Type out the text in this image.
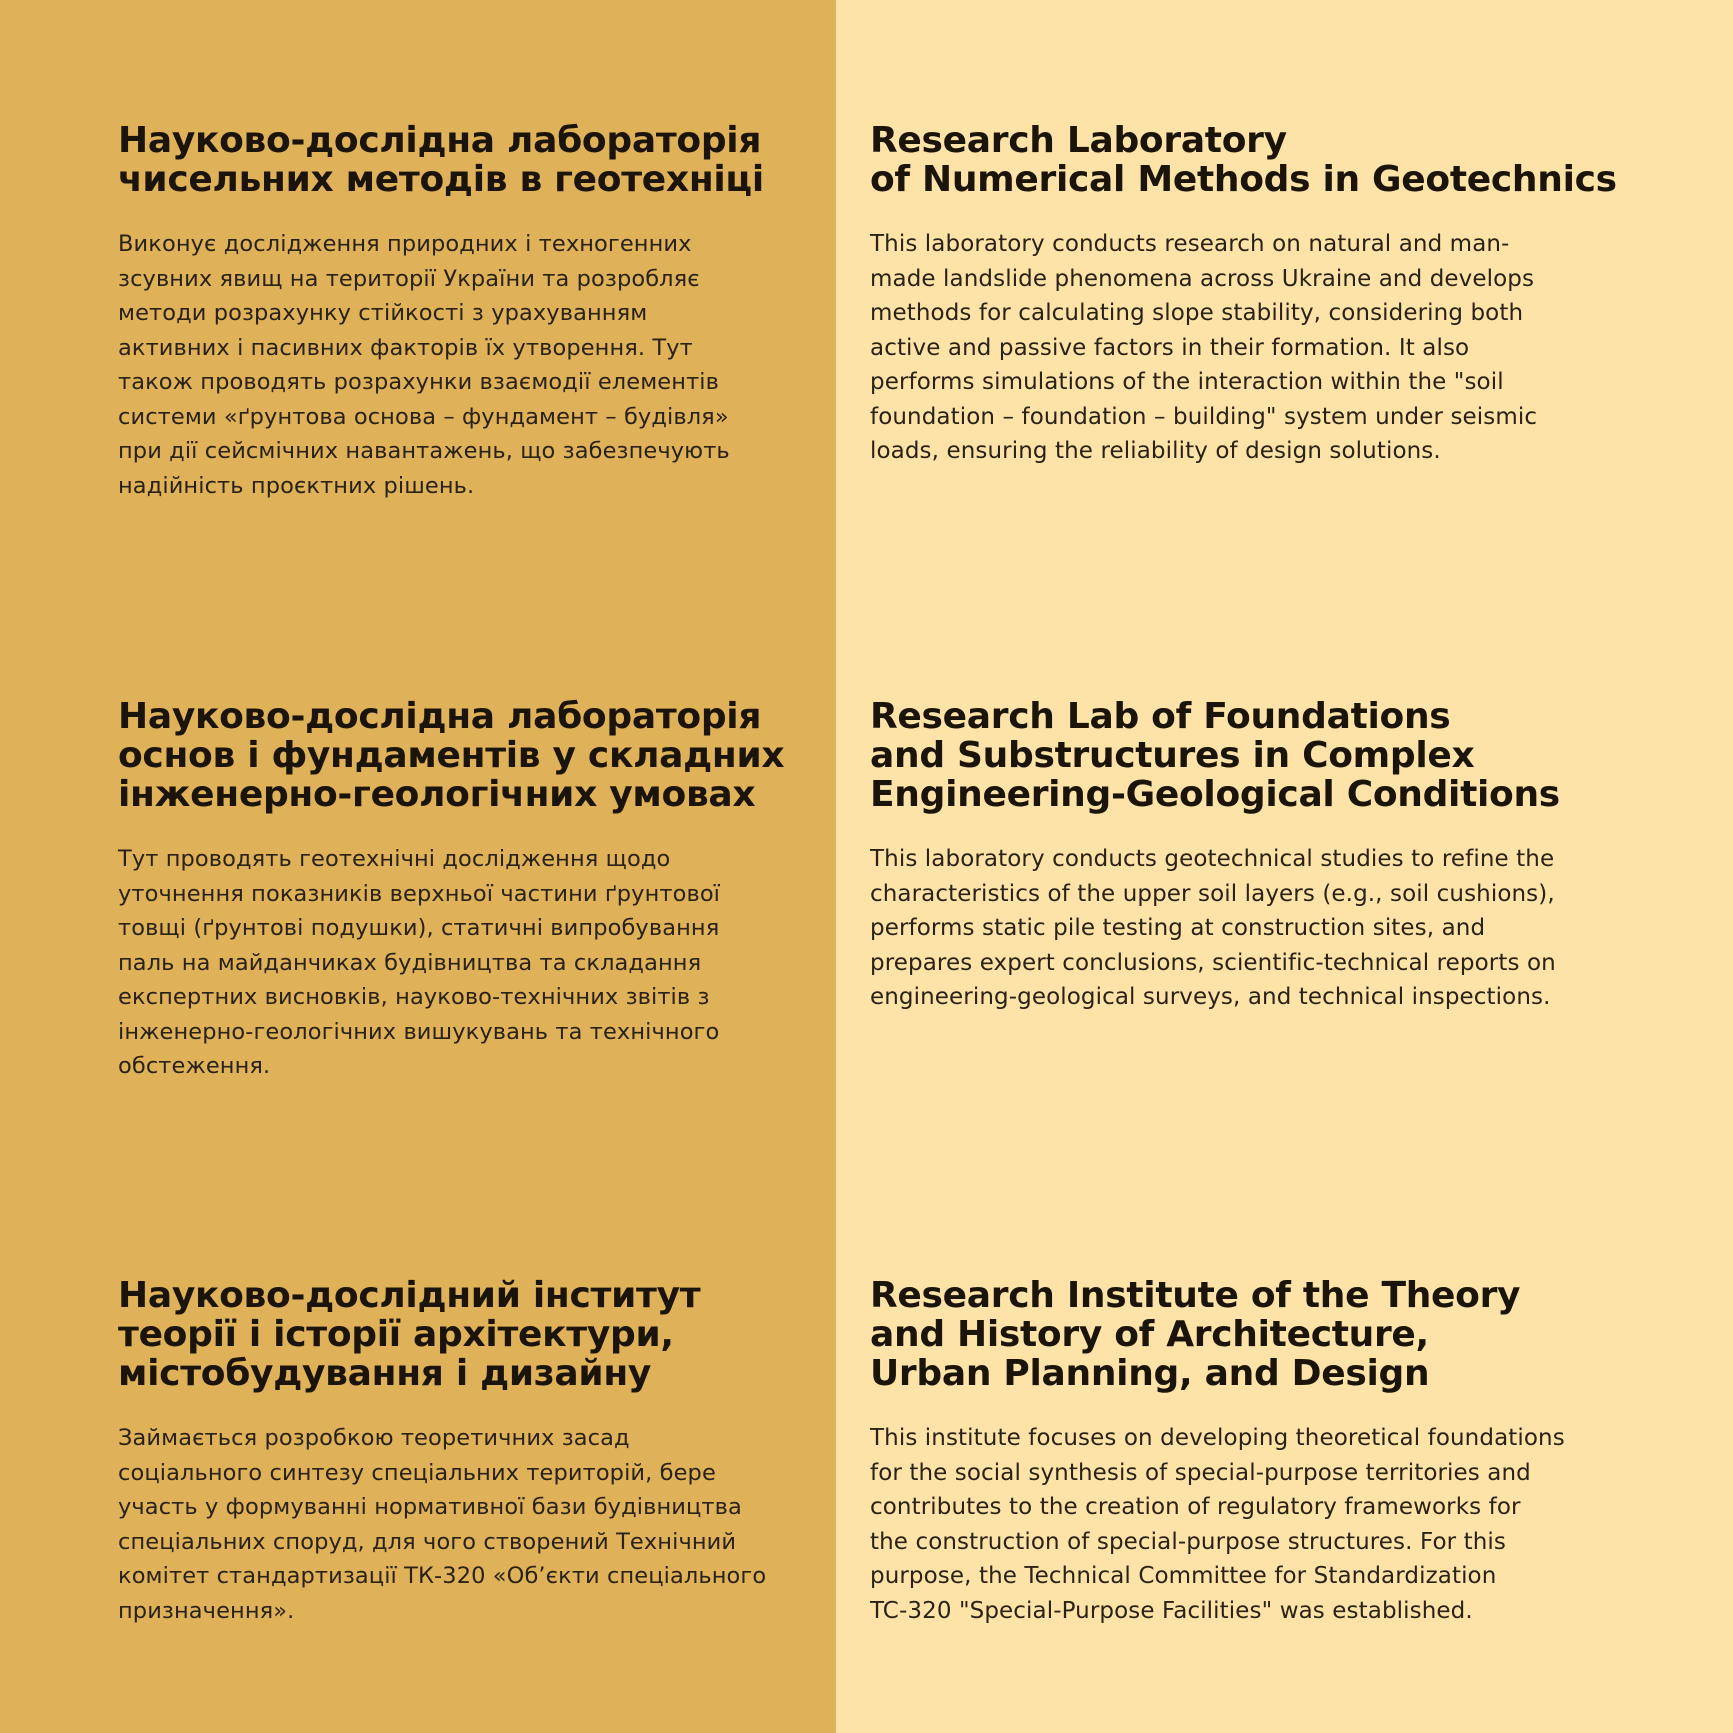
Науково-дослідна лабораторія
чисельних методів в геотехніці
Виконує дослідження природних і техногенних
зсувних явищ на території України та розробляє
методи розрахунку стійкості з урахуванням
активних і пасивних факторів їх утворення. Тут
також проводять розрахунки взаємодії елементів
системи «ґрунтова основа – фундамент – будівля»
при дії сейсмічних навантажень, що забезпечують
надійність проєктних рішень.
Research Laboratory
of Numerical Methods in Geotechnics
This laboratory conducts research on natural and man-
made landslide phenomena across Ukraine and develops
methods for calculating slope stability, considering both
active and passive factors in their formation. It also
performs simulations of the interaction within the "soil
foundation – foundation – building" system under seismic
loads, ensuring the reliability of design solutions.
Науково-дослідна лабораторія
основ і фундаментів у складних
інженерно-геологічних умовах
Тут проводять геотехнічні дослідження щодо
уточнення показників верхньої частини ґрунтової
товщі (ґрунтові подушки), статичні випробування
паль на майданчиках будівництва та складання
експертних висновків, науково-технічних звітів з
інженерно-геологічних вишукувань та технічного
обстеження.
Research Lab of Foundations
and Substructures in Complex
Engineering-Geological Conditions
This laboratory conducts geotechnical studies to refine the
characteristics of the upper soil layers (e.g., soil cushions),
performs static pile testing at construction sites, and
prepares expert conclusions, scientific-technical reports on
engineering-geological surveys, and technical inspections.
Науково-дослідний інститут
теорії і історії архітектури,
містобудування і дизайну
Займається розробкою теоретичних засад
соціального синтезу спеціальних територій, бере
участь у формуванні нормативної бази будівництва
спеціальних споруд, для чого створений Технічний
комітет стандартизації ТК-320 «Об’єкти спеціального
призначення».
Research Institute of the Theory
and History of Architecture,
Urban Planning, and Design
This institute focuses on developing theoretical foundations
for the social synthesis of special-purpose territories and
contributes to the creation of regulatory frameworks for
the construction of special-purpose structures. For this
purpose, the Technical Committee for Standardization
TC-320 "Special-Purpose Facilities" was established.
